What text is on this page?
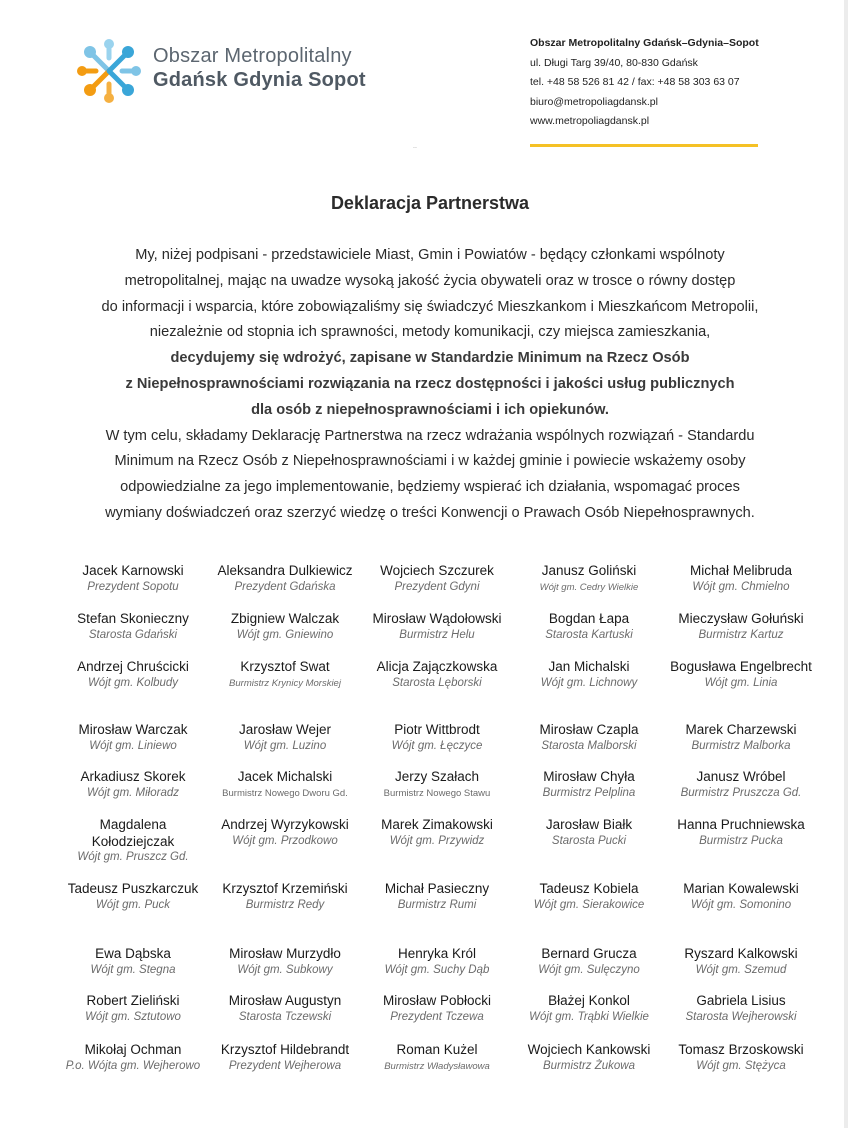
Obszar Metropolitalny
Gdańsk Gdynia Sopot
Obszar Metropolitalny Gdańsk–Gdynia–Sopot
ul. Długi Targ 39/40, 80-830 Gdańsk
tel. +48 58 526 81 42 / fax: +48 58 303 63 07
biuro@metropoliagdansk.pl
www.metropoliagdansk.pl
..
Deklaracja Partnerstwa

My, niżej podpisani - przedstawiciele Miast, Gmin i Powiatów - będący członkami wspólnoty

metropolitalnej, mając na uwadze wysoką jakość życia obywateli oraz w trosce o równy dostęp

do informacji i wsparcia, które zobowiązaliśmy się świadczyć Mieszkankom i Mieszkańcom Metropolii,

niezależnie od stopnia ich sprawności, metody komunikacji, czy miejsca zamieszkania,

decydujemy się wdrożyć, zapisane w Standardzie Minimum na Rzecz Osób

z Niepełnosprawnościami rozwiązania na rzecz dostępności i jakości usług publicznych

dla osób z niepełnosprawnościami i ich opiekunów.

W tym celu, składamy Deklarację Partnerstwa na rzecz wdrażania wspólnych rozwiązań - Standardu

Minimum na Rzecz Osób z Niepełnosprawnościami i w każdej gminie i powiecie wskażemy osoby

odpowiedzialne za jego implementowanie, będziemy wspierać ich działania, wspomagać proces

wymiany doświadczeń oraz szerzyć wiedzę o treści Konwencji o Prawach Osób Niepełnosprawnych.

Jacek Karnowski
Prezydent Sopotu
Aleksandra Dulkiewicz
Prezydent Gdańska
Wojciech Szczurek
Prezydent Gdyni
Janusz Goliński
Wójt gm. Cedry Wielkie
Michał Melibruda
Wójt gm. Chmielno
Stefan Skonieczny
Starosta Gdański
Zbigniew Walczak
Wójt gm. Gniewino
Mirosław Wądołowski
Burmistrz Helu
Bogdan Łapa
Starosta Kartuski
Mieczysław Gołuński
Burmistrz Kartuz
Andrzej Chruścicki
Wójt gm. Kolbudy
Krzysztof Swat
Burmistrz Krynicy Morskiej
Alicja Zajączkowska
Starosta Lęborski
Jan Michalski
Wójt gm. Lichnowy
Bogusława Engelbrecht
Wójt gm. Linia
Mirosław Warczak
Wójt gm. Liniewo
Jarosław Wejer
Wójt gm. Luzino
Piotr Wittbrodt
Wójt gm. Łęczyce
Mirosław Czapla
Starosta Malborski
Marek Charzewski
Burmistrz Malborka
Arkadiusz Skorek
Wójt gm. Miłoradz
Jacek Michalski
Burmistrz Nowego Dworu Gd.
Jerzy Szałach
Burmistrz Nowego Stawu
Mirosław Chyła
Burmistrz Pelplina
Janusz Wróbel
Burmistrz Pruszcza Gd.
Magdalena Kołodziejczak
Wójt gm. Pruszcz Gd.
Andrzej Wyrzykowski
Wójt gm. Przodkowo
Marek Zimakowski
Wójt gm. Przywidz
Jarosław Białk
Starosta Pucki
Hanna Pruchniewska
Burmistrz Pucka
Tadeusz Puszkarczuk
Wójt gm. Puck
Krzysztof Krzemiński
Burmistrz Redy
Michał Pasieczny
Burmistrz Rumi
Tadeusz Kobiela
Wójt gm. Sierakowice
Marian Kowalewski
Wójt gm. Somonino
Ewa Dąbska
Wójt gm. Stegna
Mirosław Murzydło
Wójt gm. Subkowy
Henryka Król
Wójt gm. Suchy Dąb
Bernard Grucza
Wójt gm. Sulęczyno
Ryszard Kalkowski
Wójt gm. Szemud
Robert Zieliński
Wójt gm. Sztutowo
Mirosław Augustyn
Starosta Tczewski
Mirosław Pobłocki
Prezydent Tczewa
Błażej Konkol
Wójt gm. Trąbki Wielkie
Gabriela Lisius
Starosta Wejherowski
Mikołaj Ochman
P.o. Wójta gm. Wejherowo
Krzysztof Hildebrandt
Prezydent Wejherowa
Roman Kużel
Burmistrz Władysławowa
Wojciech Kankowski
Burmistrz Żukowa
Tomasz Brzoskowski
Wójt gm. Stężyca
